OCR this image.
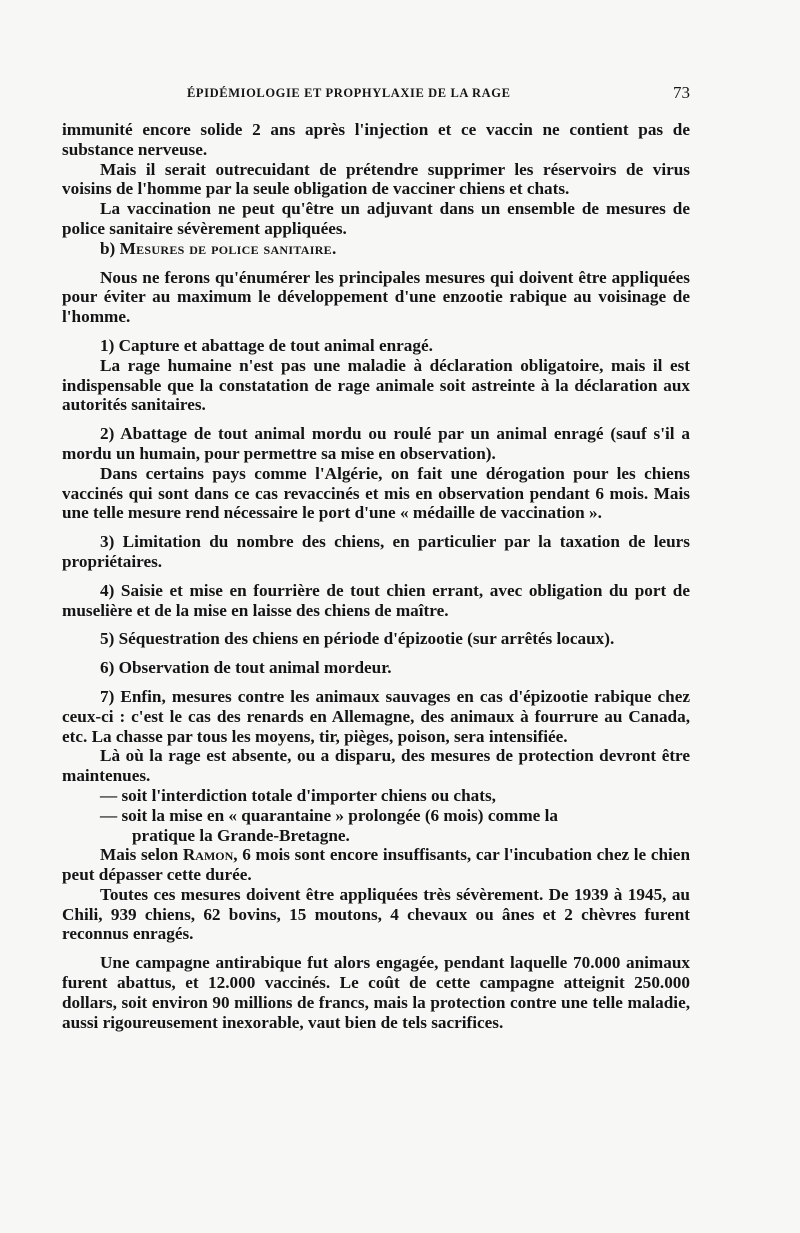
ÉPIDÉMIOLOGIE ET PROPHYLAXIE DE LA RAGE	73

immunité encore solide 2 ans après l'injection et ce vaccin ne contient pas de substance nerveuse.

Mais il serait outrecuidant de prétendre supprimer les réservoirs de virus voisins de l'homme par la seule obligation de vacciner chiens et chats.

La vaccination ne peut qu'être un adjuvant dans un ensemble de mesures de police sanitaire sévèrement appliquées.

b) Mesures de police sanitaire.

Nous ne ferons qu'énumérer les principales mesures qui doivent être appliquées pour éviter au maximum le développement d'une enzootie rabique au voisinage de l'homme.

1) Capture et abattage de tout animal enragé.

La rage humaine n'est pas une maladie à déclaration obligatoire, mais il est indispensable que la constatation de rage animale soit astreinte à la déclaration aux autorités sanitaires.

2) Abattage de tout animal mordu ou roulé par un animal enragé (sauf s'il a mordu un humain, pour permettre sa mise en observation).

Dans certains pays comme l'Algérie, on fait une dérogation pour les chiens vaccinés qui sont dans ce cas revaccinés et mis en observation pendant 6 mois. Mais une telle mesure rend nécessaire le port d'une « médaille de vaccination ».

3) Limitation du nombre des chiens, en particulier par la taxation de leurs propriétaires.

4) Saisie et mise en fourrière de tout chien errant, avec obligation du port de muselière et de la mise en laisse des chiens de maître.

5) Séquestration des chiens en période d'épizootie (sur arrêtés locaux).

6) Observation de tout animal mordeur.

7) Enfin, mesures contre les animaux sauvages en cas d'épizootie rabique chez ceux-ci : c'est le cas des renards en Allemagne, des animaux à fourrure au Canada, etc. La chasse par tous les moyens, tir, pièges, poison, sera intensifiée.

Là où la rage est absente, ou a disparu, des mesures de protection devront être maintenues.

— soit l'interdiction totale d'importer chiens ou chats,

— soit la mise en « quarantaine » prolongée (6 mois) comme la
pratique la Grande-Bretagne.

Mais selon Ramon, 6 mois sont encore insuffisants, car l'incubation chez le chien peut dépasser cette durée.

Toutes ces mesures doivent être appliquées très sévèrement. De 1939 à 1945, au Chili, 939 chiens, 62 bovins, 15 moutons, 4 chevaux ou ânes et 2 chèvres furent reconnus enragés.

Une campagne antirabique fut alors engagée, pendant laquelle 70.000 animaux furent abattus, et 12.000 vaccinés. Le coût de cette campagne atteignit 250.000 dollars, soit environ 90 millions de francs, mais la protection contre une telle maladie, aussi rigoureusement inexorable, vaut bien de tels sacrifices.
